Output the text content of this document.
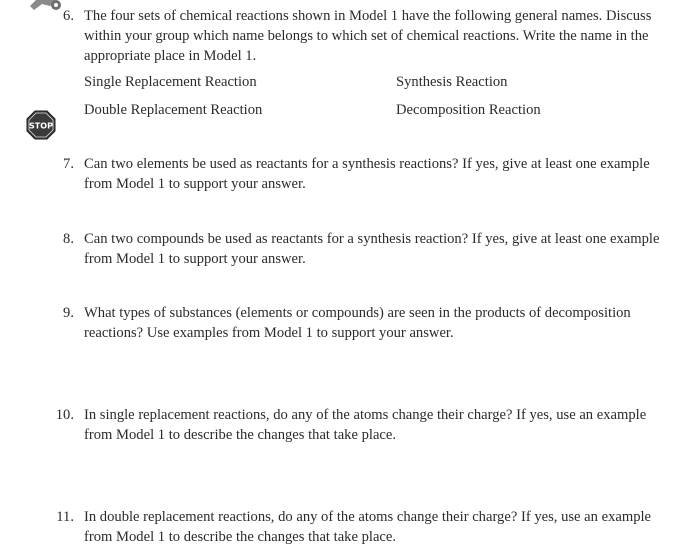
6. The four sets of chemical reactions shown in Model 1 have the following general names. Discuss
within your group which name belongs to which set of chemical reactions. Write the name in the
appropriate place in Model 1.
Single Replacement Reaction	Synthesis Reaction
Double Replacement Reaction	Decomposition Reaction
STOP
7. Can two elements be used as reactants for a synthesis reactions? If yes, give at least one example
from Model 1 to support your answer.
8. Can two compounds be used as reactants for a synthesis reaction? If yes, give at least one example
from Model 1 to support your answer.
9. What types of substances (elements or compounds) are seen in the products of decomposition
reactions? Use examples from Model 1 to support your answer.
10. In single replacement reactions, do any of the atoms change their charge? If yes, use an example
from Model 1 to describe the changes that take place.
11. In double replacement reactions, do any of the atoms change their charge? If yes, use an example
from Model 1 to describe the changes that take place.
